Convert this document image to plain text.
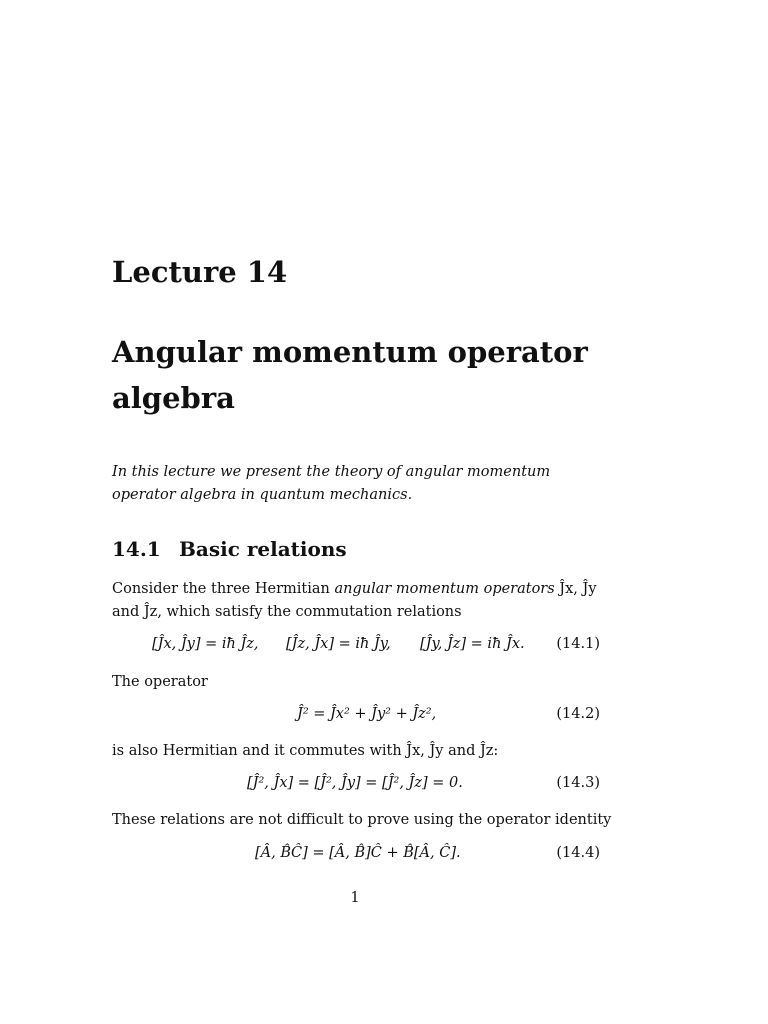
Lecture 14
Angular momentum operator algebra
In this lecture we present the theory of angular momentum operator algebra in quantum mechanics.
14.1 Basic relations
Consider the three Hermitian angular momentum operators Ĵx, Ĵy and Ĵz, which satisfy the commutation relations
[Ĵx, Ĵy] = iħ Ĵz, [Ĵz, Ĵx] = iħ Ĵy, [Ĵy, Ĵz] = iħ Ĵx. (14.1)
The operator
Ĵ² = Ĵx² + Ĵy² + Ĵz²,	(14.2)
is also Hermitian and it commutes with Ĵx, Ĵy and Ĵz:
[Ĵ², Ĵx] = [Ĵ², Ĵy] = [Ĵ², Ĵz] = 0.	(14.3)
These relations are not difficult to prove using the operator identity
[Â, B̂Ĉ] = [Â, B̂]Ĉ + B̂[Â, Ĉ].	(14.4)
1
